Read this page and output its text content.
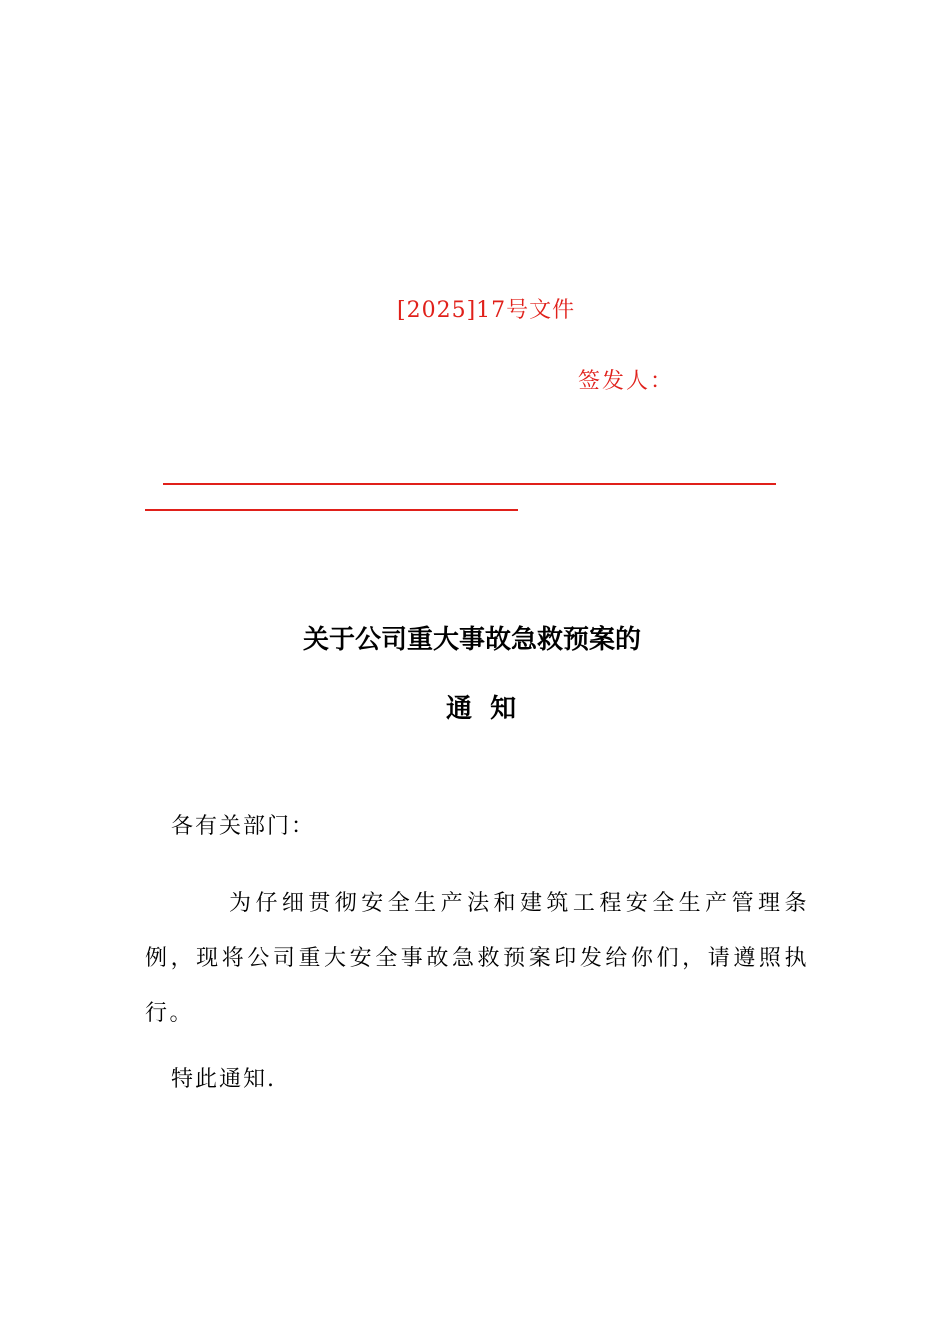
[2025]17号文件
签发人：
关于公司重大事故急救预案的
通  知
各有关部门：
为仔细贯彻安全生产法和建筑工程安全生产管理条例，现将公司重大安全事故急救预案印发给你们，请遵照执行。
特此通知.
